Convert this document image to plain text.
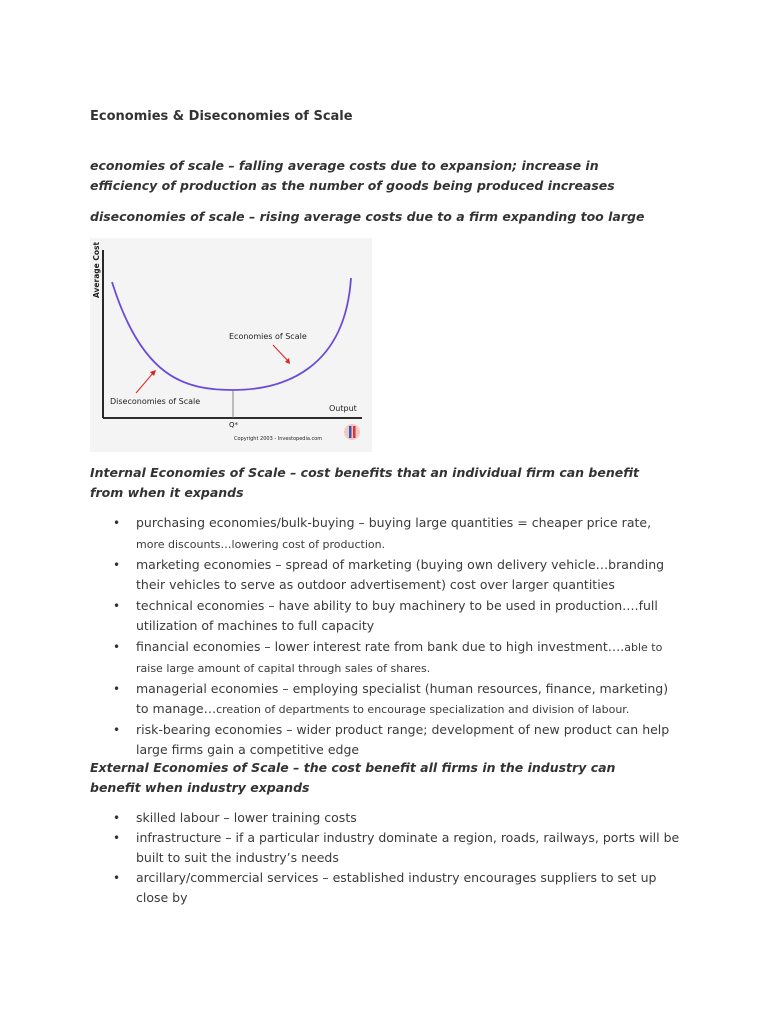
Economies & Diseconomies of Scale
economies of scale – falling average costs due to expansion; increase in efficiency of production as the number of goods being produced increases
diseconomies of scale – rising average costs due to a firm expanding too large
Average Cost
Q*
Output
Economies of Scale
Diseconomies of Scale
Copyright 2003 - Investopedia.com
Internal Economies of Scale – cost benefits that an individual firm can benefit from when it expands
• purchasing economies/bulk-buying – buying large quantities = cheaper price rate, more discounts…lowering cost of production.
• marketing economies – spread of marketing (buying own delivery vehicle…branding their vehicles to serve as outdoor advertisement) cost over larger quantities
• technical economies – have ability to buy machinery to be used in production….full utilization of machines to full capacity
• financial economies – lower interest rate from bank due to high investment….able to raise large amount of capital through sales of shares.
• managerial economies – employing specialist (human resources, finance, marketing) to manage…creation of departments to encourage specialization and division of labour.
• risk-bearing economies – wider product range; development of new product can help large firms gain a competitive edge
External Economies of Scale – the cost benefit all firms in the industry can benefit when industry expands
• skilled labour – lower training costs
• infrastructure – if a particular industry dominate a region, roads, railways, ports will be built to suit the industry’s needs
• arcillary/commercial services – established industry encourages suppliers to set up close by
